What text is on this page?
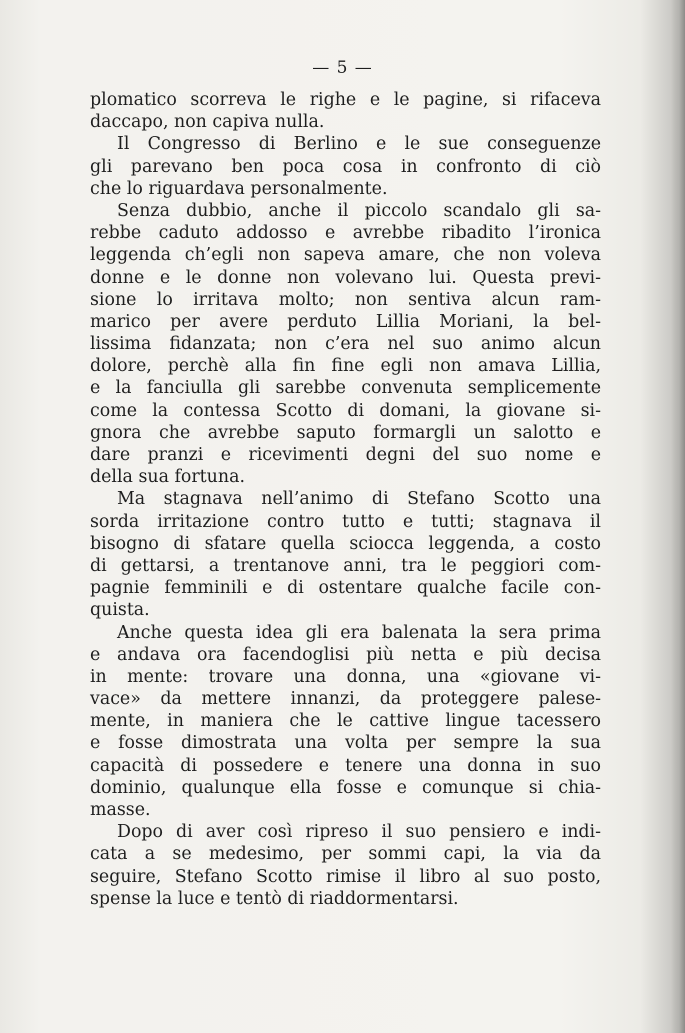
— 5 —
plomatico scorreva le righe e le pagine, si rifaceva
daccapo, non capiva nulla.
Il Congresso di Berlino e le sue conseguenze
gli parevano ben poca cosa in confronto di ciò
che lo riguardava personalmente.
Senza dubbio, anche il piccolo scandalo gli sa-
rebbe caduto addosso e avrebbe ribadito l’ironica
leggenda ch’egli non sapeva amare, che non voleva
donne e le donne non volevano lui. Questa previ-
sione lo irritava molto; non sentiva alcun ram-
marico per avere perduto Lillia Moriani, la bel-
lissima fidanzata; non c’era nel suo animo alcun
dolore, perchè alla fin fine egli non amava Lillia,
e la fanciulla gli sarebbe convenuta semplicemente
come la contessa Scotto di domani, la giovane si-
gnora che avrebbe saputo formargli un salotto e
dare pranzi e ricevimenti degni del suo nome e
della sua fortuna.
Ma stagnava nell’animo di Stefano Scotto una
sorda irritazione contro tutto e tutti; stagnava il
bisogno di sfatare quella sciocca leggenda, a costo
di gettarsi, a trentanove anni, tra le peggiori com-
pagnie femminili e di ostentare qualche facile con-
quista.
Anche questa idea gli era balenata la sera prima
e andava ora facendoglisi più netta e più decisa
in mente: trovare una donna, una «giovane vi-
vace» da mettere innanzi, da proteggere palese-
mente, in maniera che le cattive lingue tacessero
e fosse dimostrata una volta per sempre la sua
capacità di possedere e tenere una donna in suo
dominio, qualunque ella fosse e comunque si chia-
masse.
Dopo di aver così ripreso il suo pensiero e indi-
cata a se medesimo, per sommi capi, la via da
seguire, Stefano Scotto rimise il libro al suo posto,
spense la luce e tentò di riaddormentarsi.
